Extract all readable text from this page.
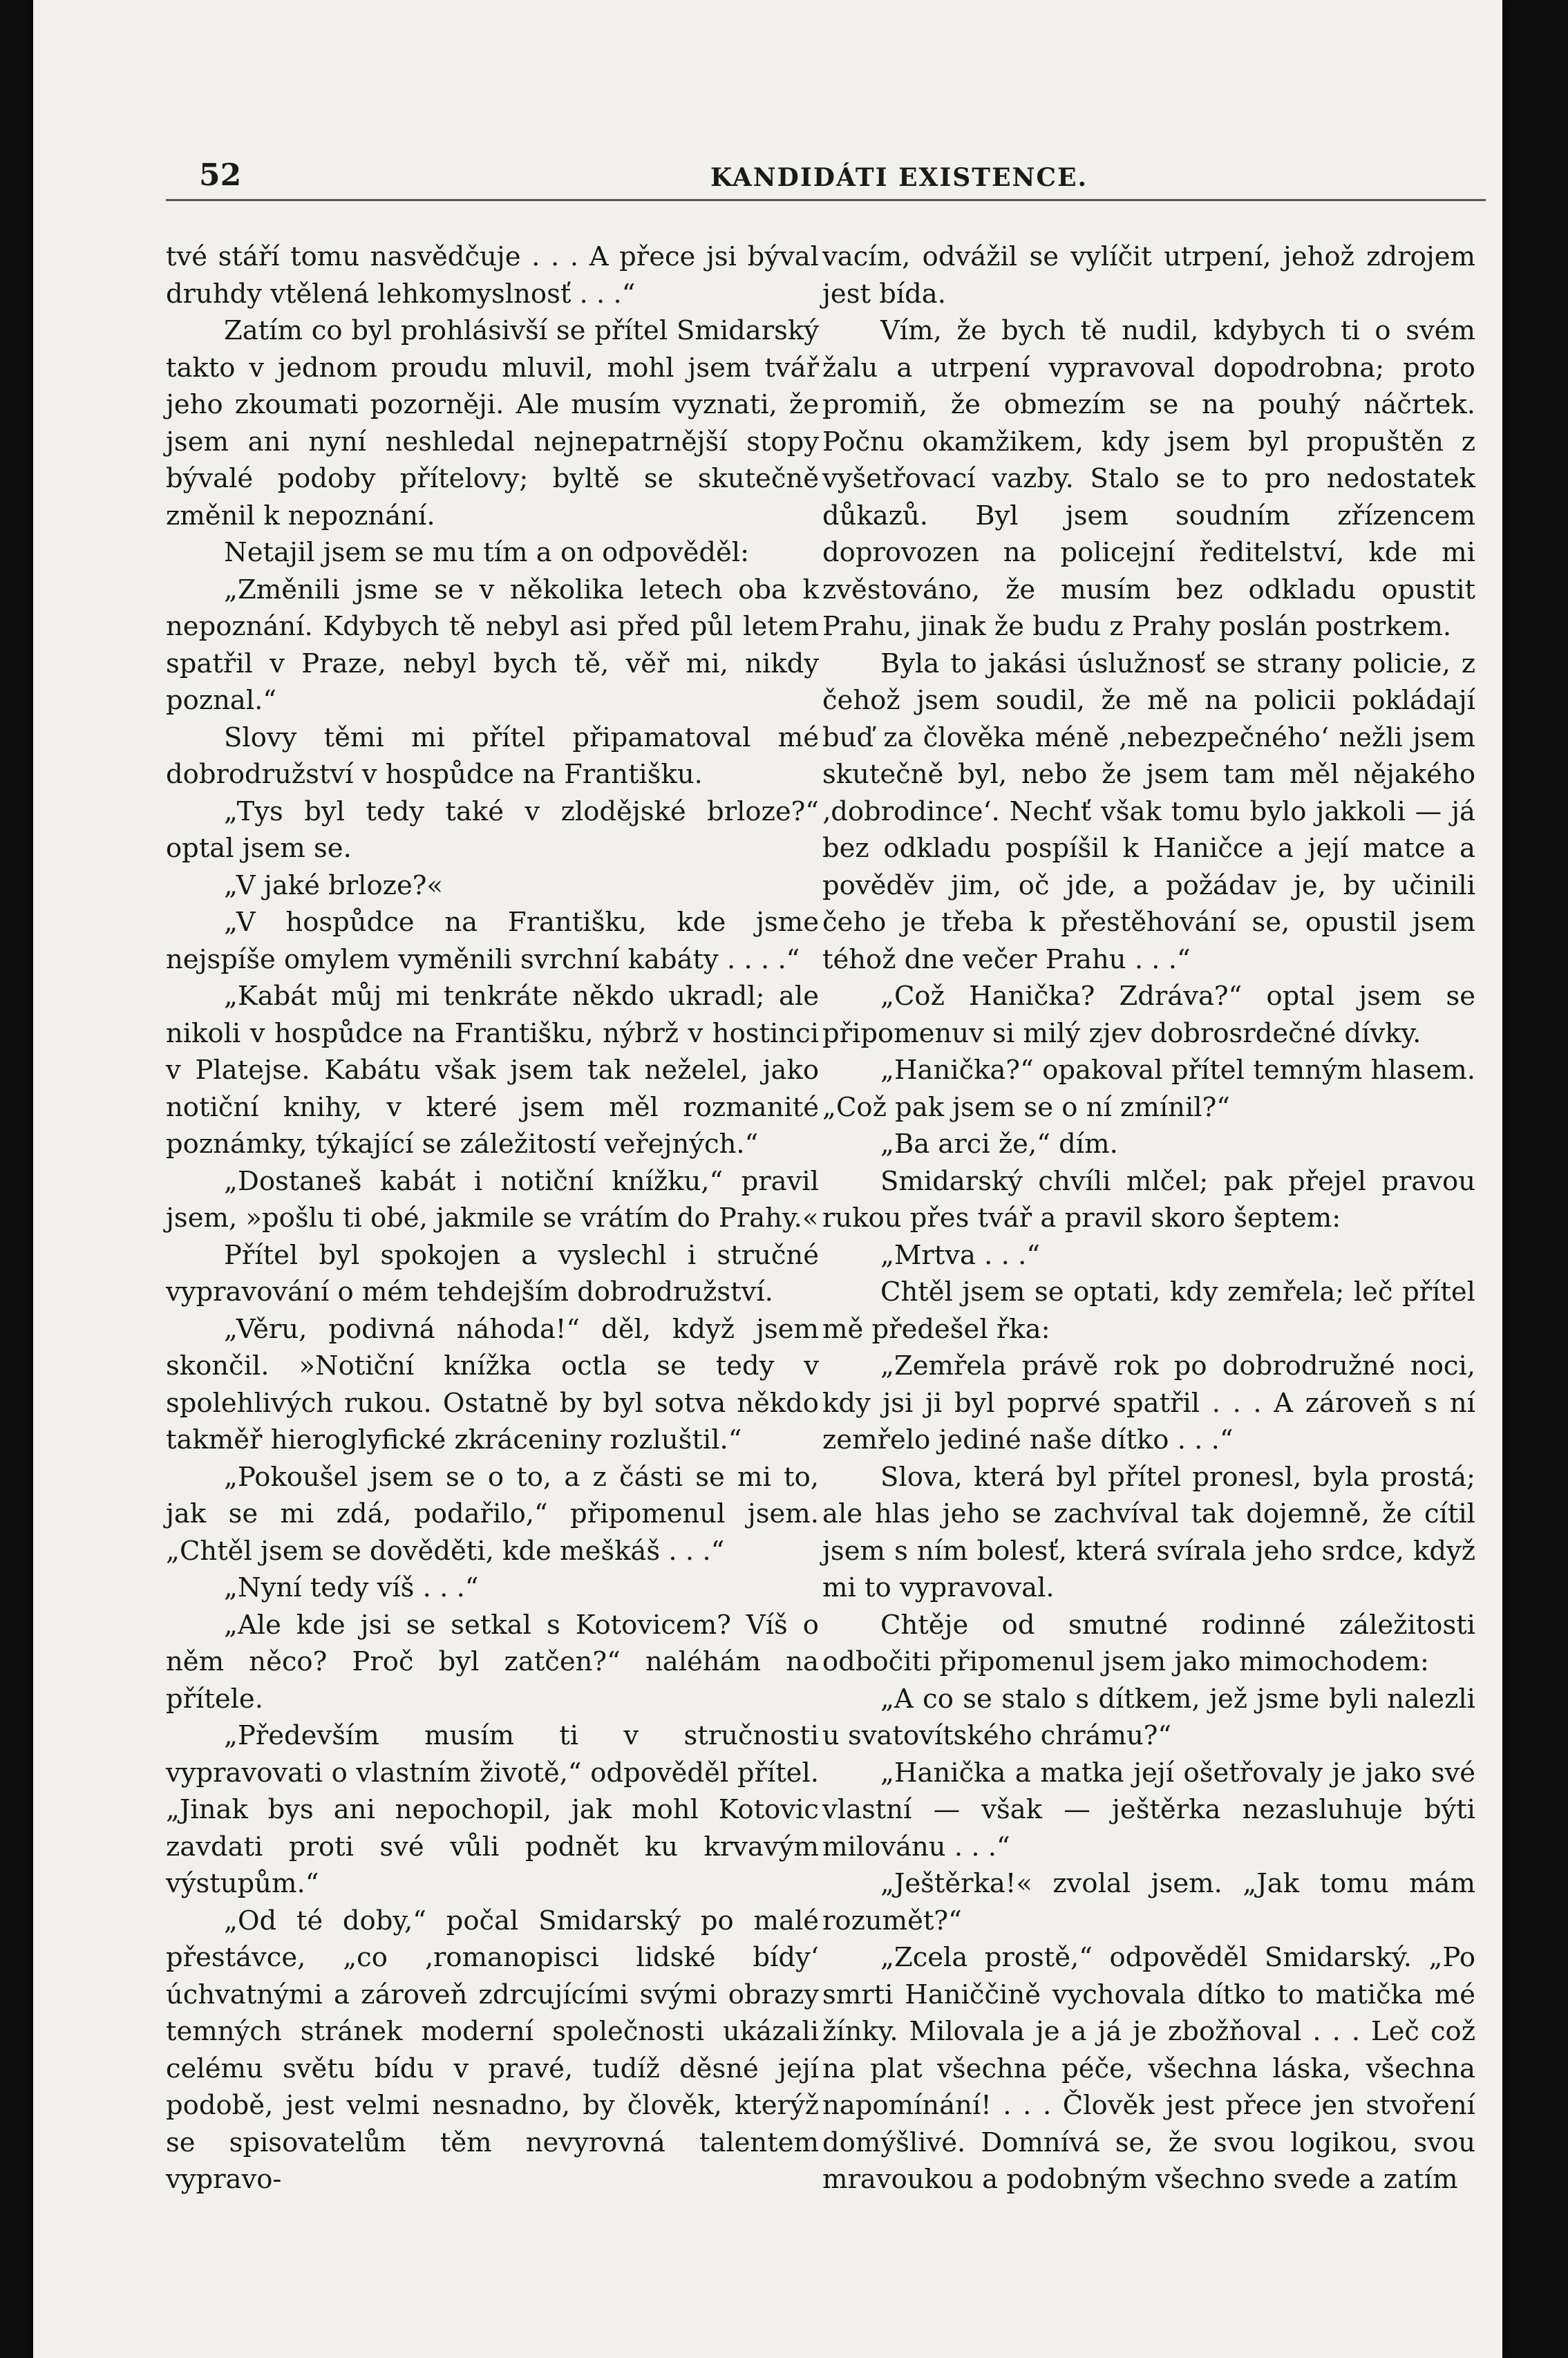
52	KANDIDÁTI EXISTENCE.

tvé stáří tomu nasvědčuje . . . A přece jsi býval druhdy vtělená lehkomyslnosť . . .“

Zatím co byl prohlásivší se přítel Smidarský takto v jednom proudu mluvil, mohl jsem tvář jeho zkoumati pozorněji. Ale musím vyznati, že jsem ani nyní neshledal nejnepatrnější stopy bývalé podoby přítelovy; byltě se skutečně změnil k nepoznání.

Netajil jsem se mu tím a on odpověděl:

„Změnili jsme se v několika letech oba k nepoznání. Kdybych tě nebyl asi před půl letem spatřil v Praze, nebyl bych tě, věř mi, nikdy poznal.“

Slovy těmi mi přítel připamatoval mé dobrodružství v hospůdce na Františku.

„Tys byl tedy také v zlodějské brloze?“ optal jsem se.

„V jaké brloze?«

„V hospůdce na Františku, kde jsme nejspíše omylem vyměnili svrchní kabáty . . . .“

„Kabát můj mi tenkráte někdo ukradl; ale nikoli v hospůdce na Františku, nýbrž v hostinci v Platejse. Kabátu však jsem tak neželel, jako notiční knihy, v které jsem měl rozmanité poznámky, týkající se záležitostí veřejných.“

„Dostaneš kabát i notiční knížku,“ pravil jsem, »pošlu ti obé, jakmile se vrátím do Prahy.«

Přítel byl spokojen a vyslechl i stručné vypravování o mém tehdejším dobrodružství.

„Věru, podivná náhoda!“ děl, když jsem skončil. »Notiční knížka octla se tedy v spolehlivých rukou. Ostatně by byl sotva někdo takměř hieroglyfické zkráceniny rozluštil.“

„Pokoušel jsem se o to, a z části se mi to, jak se mi zdá, podařilo,“ připomenul jsem. „Chtěl jsem se dověděti, kde meškáš . . .“

„Nyní tedy víš . . .“

„Ale kde jsi se setkal s Kotovicem? Víš o něm něco? Proč byl zatčen?“ naléhám na přítele.

„Především musím ti v stručnosti vypravovati o vlastním životě,“ odpověděl přítel. „Jinak bys ani nepochopil, jak mohl Kotovic zavdati proti své vůli podnět ku krvavým výstupům.“

„Od té doby,“ počal Smidarský po malé přestávce, „co ‚romanopisci lidské bídy‘ úchvatnými a zároveň zdrcujícími svými obrazy temných stránek moderní společnosti ukázali celému světu bídu v pravé, tudíž děsné její podobě, jest velmi nesnadno, by člověk, kterýž se spisovatelům těm nevyrovná talentem vypravo-

vacím, odvážil se vylíčit utrpení, jehož zdrojem jest bída.

Vím, že bych tě nudil, kdybych ti o svém žalu a utrpení vypravoval dopodrobna; proto promiň, že obmezím se na pouhý náčrtek. Počnu okamžikem, kdy jsem byl propuštěn z vyšetřovací vazby. Stalo se to pro nedostatek důkazů. Byl jsem soudním zřízencem doprovozen na policejní ředitelství, kde mi zvěstováno, že musím bez odkladu opustit Prahu, jinak že budu z Prahy poslán postrkem.

Byla to jakási úslužnosť se strany policie, z čehož jsem soudil, že mě na policii pokládají buď za člověka méně ‚nebezpečného‘ nežli jsem skutečně byl, nebo že jsem tam měl nějakého ‚dobrodince‘. Nechť však tomu bylo jakkoli — já bez odkladu pospíšil k Haničce a její matce a pověděv jim, oč jde, a požádav je, by učinili čeho je třeba k přestěhování se, opustil jsem téhož dne večer Prahu . . .“

„Což Hanička? Zdráva?“ optal jsem se připomenuv si milý zjev dobrosrdečné dívky.

„Hanička?“ opakoval přítel temným hlasem. „Což pak jsem se o ní zmínil?“

„Ba arci že,“ dím.

Smidarský chvíli mlčel; pak přejel pravou rukou přes tvář a pravil skoro šeptem:

„Mrtva . . .“

Chtěl jsem se optati, kdy zemřela; leč přítel mě předešel řka:

„Zemřela právě rok po dobrodružné noci, kdy jsi ji byl poprvé spatřil . . . A zároveň s ní zemřelo jediné naše dítko . . .“

Slova, která byl přítel pronesl, byla prostá; ale hlas jeho se zachvíval tak dojemně, že cítil jsem s ním bolesť, která svírala jeho srdce, když mi to vypravoval.

Chtěje od smutné rodinné záležitosti odbočiti připomenul jsem jako mimochodem:

„A co se stalo s dítkem, jež jsme byli nalezli u svatovítského chrámu?“

„Hanička a matka její ošetřovaly je jako své vlastní — však — ještěrka nezasluhuje býti milovánu . . .“

„Ještěrka!« zvolal jsem. „Jak tomu mám rozumět?“

„Zcela prostě,“ odpověděl Smidarský. „Po smrti Haniččině vychovala dítko to matička mé žínky. Milovala je a já je zbožňoval . . . Leč což na plat všechna péče, všechna láska, všechna napomínání! . . . Člověk jest přece jen stvoření domýšlivé. Domnívá se, že svou logikou, svou mravoukou a podobným všechno svede a zatím
